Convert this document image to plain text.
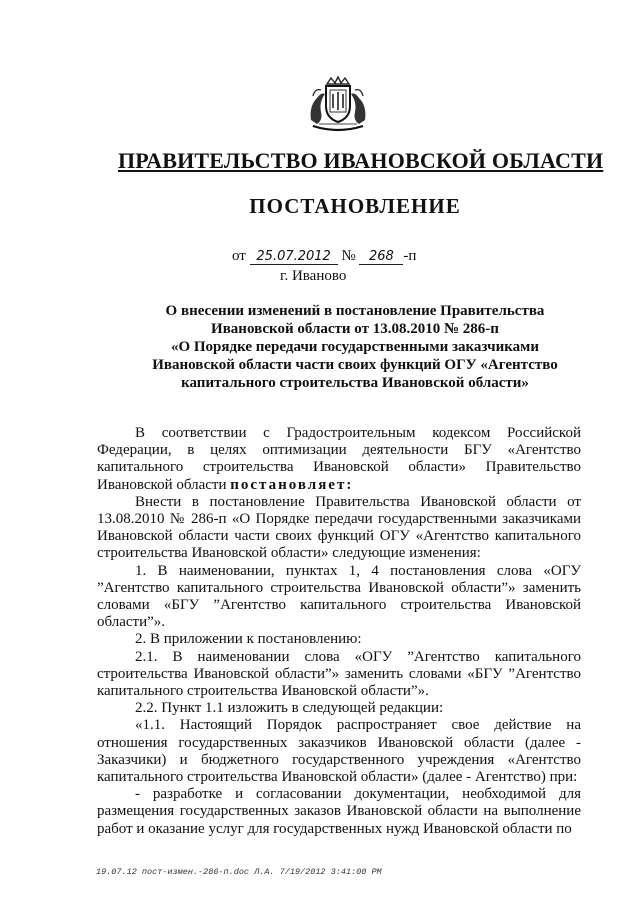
ПРАВИТЕЛЬСТВО ИВАНОВСКОЙ ОБЛАСТИ
ПОСТАНОВЛЕНИЕ
от 25.07.2012 № 268 -п
г. Иваново
О внесении изменений в постановление Правительства
Ивановской области от 13.08.2010 № 286-п
«О Порядке передачи государственными заказчиками
Ивановской области части своих функций ОГУ «Агентство
капитального строительства Ивановской области»

В соответствии с Градостроительным кодексом Российской Федерации, в целях оптимизации деятельности БГУ «Агентство капитального строительства Ивановской области» Правительство Ивановской области постановляет:

Внести в постановление Правительства Ивановской области от 13.08.2010 № 286-п «О Порядке передачи государственными заказчиками Ивановской области части своих функций ОГУ «Агентство капитального строительства Ивановской области» следующие изменения:

1. В наименовании, пунктах 1, 4 постановления слова «ОГУ ”Агентство капитального строительства Ивановской области”» заменить словами «БГУ ”Агентство капитального строительства Ивановской области”».

2. В приложении к постановлению:

2.1. В наименовании слова «ОГУ ”Агентство капитального строительства Ивановской области”» заменить словами «БГУ ”Агентство капитального строительства Ивановской области”».

2.2. Пункт 1.1 изложить в следующей редакции:

«1.1. Настоящий Порядок распространяет свое действие на отношения государственных заказчиков Ивановской области (далее - Заказчики) и бюджетного государственного учреждения «Агентство капитального строительства Ивановской области» (далее - Агентство) при:

- разработке и согласовании документации, необходимой для размещения государственных заказов Ивановской области на выполнение работ и оказание услуг для государственных нужд Ивановской области по

19.07.12 пост-измен.-286-п.doc Л.А. 7/19/2012 3:41:00 PM
